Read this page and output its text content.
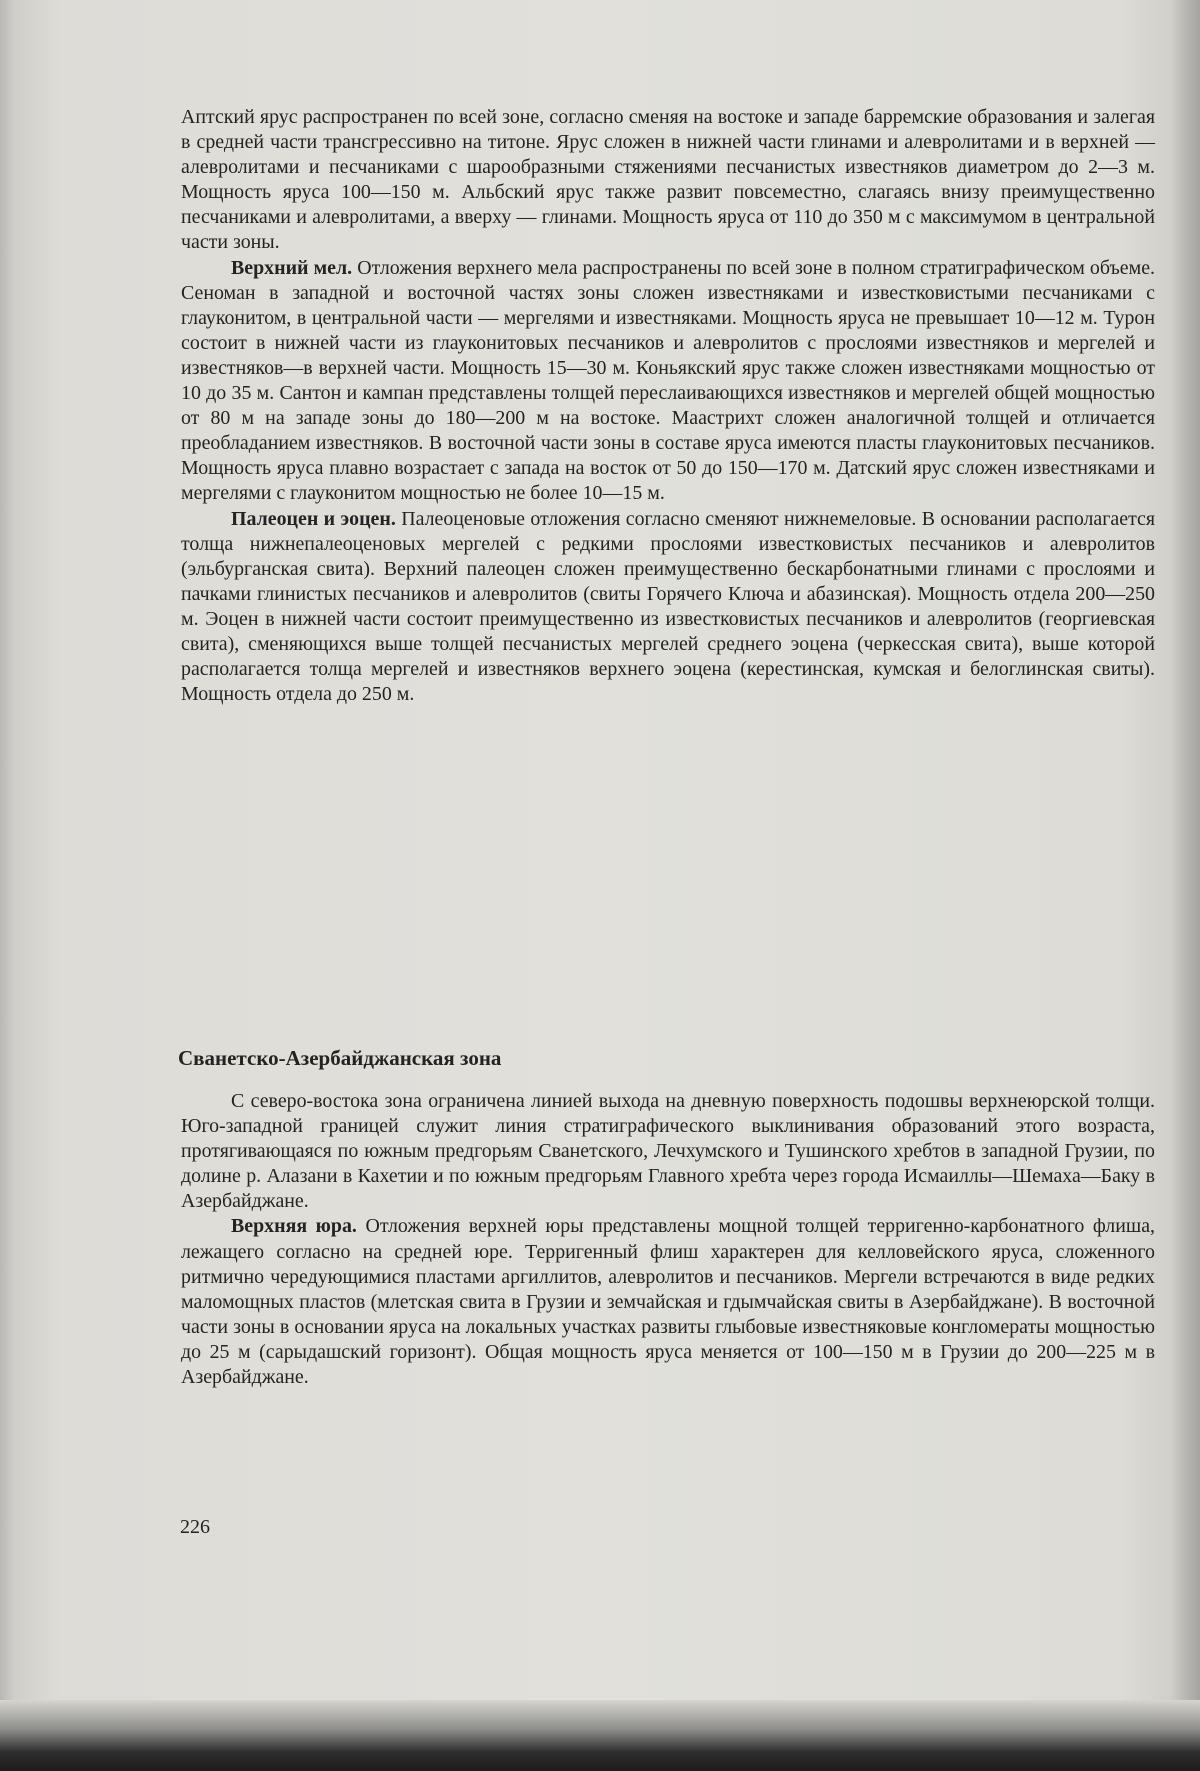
Аптский ярус распространен по всей зоне, согласно сменяя на востоке и западе барремские образования и залегая в средней части трансгрессивно на титоне. Ярус сложен в нижней части глинами и алевролитами и в верхней — алевролитами и песчаниками с шарообразными стяжениями песчанистых известняков диаметром до 2—3 м. Мощность яруса 100—150 м. Альбский ярус также развит повсеместно, слагаясь внизу преимущественно песчаниками и алевролитами, а вверху — глинами. Мощность яруса от 110 до 350 м с максимумом в центральной части зоны.

Верхний мел. Отложения верхнего мела распространены по всей зоне в полном стратиграфическом объеме. Сеноман в западной и восточной частях зоны сложен известняками и известковистыми песчаниками с глауконитом, в центральной части — мергелями и известняками. Мощность яруса не превышает 10—12 м. Турон состоит в нижней части из глауконитовых песчаников и алевролитов с прослоями известняков и мергелей и известняков—в верхней части. Мощность 15—30 м. Коньякский ярус также сложен известняками мощностью от 10 до 35 м. Сантон и кампан представлены толщей переслаивающихся известняков и мергелей общей мощностью от 80 м на западе зоны до 180—200 м на востоке. Маастрихт сложен аналогичной толщей и отличается преобладанием известняков. В восточной части зоны в составе яруса имеются пласты глауконитовых песчаников. Мощность яруса плавно возрастает с запада на восток от 50 до 150—170 м. Датский ярус сложен известняками и мергелями с глауконитом мощностью не более 10—15 м.

Палеоцен и эоцен. Палеоценовые отложения согласно сменяют нижнемеловые. В основании располагается толща нижнепалеоценовых мергелей с редкими прослоями известковистых песчаников и алевролитов (эльбурганская свита). Верхний палеоцен сложен преимущественно бескарбонатными глинами с прослоями и пачками глинистых песчаников и алевролитов (свиты Горячего Ключа и абазинская). Мощность отдела 200—250 м. Эоцен в нижней части состоит преимущественно из известковистых песчаников и алевролитов (георгиевская свита), сменяющихся выше толщей песчанистых мергелей среднего эоцена (черкесская свита), выше которой располагается толща мергелей и известняков верхнего эоцена (керестинская, кумская и белоглинская свиты). Мощность отдела до 250 м.

Сванетско-Азербайджанская зона

С северо-востока зона ограничена линией выхода на дневную поверхность подошвы верхнеюрской толщи. Юго-западной границей служит линия стратиграфического выклинивания образований этого возраста, протягивающаяся по южным предгорьям Сванетского, Лечхумского и Тушинского хребтов в западной Грузии, по долине р. Алазани в Кахетии и по южным предгорьям Главного хребта через города Исмаиллы—Шемаха—Баку в Азербайджане.

Верхняя юра. Отложения верхней юры представлены мощной толщей терригенно-карбонатного флиша, лежащего согласно на средней юре. Терригенный флиш характерен для келловейского яруса, сложенного ритмично чередующимися пластами аргиллитов, алевролитов и песчаников. Мергели встречаются в виде редких маломощных пластов (млетская свита в Грузии и земчайская и гдымчайская свиты в Азербайджане). В восточной части зоны в основании яруса на локальных участках развиты глыбовые известняковые конгломераты мощностью до 25 м (сарыдашский горизонт). Общая мощность яруса меняется от 100—150 м в Грузии до 200—225 м в Азербайджане.

226
